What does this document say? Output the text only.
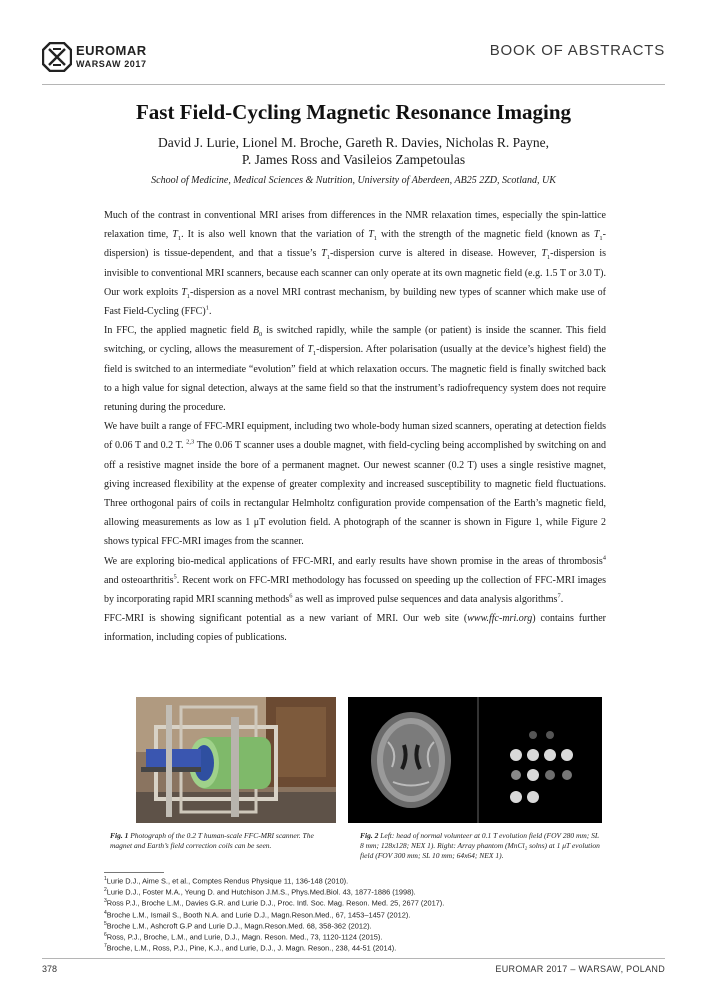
EUROMAR
WARSAW 2017
BOOK OF ABSTRACTS
Fast Field-Cycling Magnetic Resonance Imaging
David J. Lurie, Lionel M. Broche, Gareth R. Davies, Nicholas R. Payne,
P. James Ross and Vasileios Zampetoulas
School of Medicine, Medical Sciences & Nutrition, University of Aberdeen, AB25 2ZD, Scotland, UK

Much of the contrast in conventional MRI arises from differences in the NMR relaxation times, especially the spin-lattice relaxation time, $T_1$. It is also well known that the variation of $T_1$ with the strength of the magnetic field (known as $T_1-dispersion$) is tissue-dependent, and that a tissue’s $T_1$-dispersion curve is altered in disease. However, $T_1$-dispersion is invisible to conventional MRI scanners, because each scanner can only operate at its own magnetic field (e.g. 1.5 T or 3.0 T). Our work exploits $T_1$-dispersion as a novel MRI contrast mechanism, by building new types of scanner which make use of Fast Field-Cycling (FFC)$^1$.

In FFC, the applied magnetic field $B_0$ is switched rapidly, while the sample (or patient) is inside the scanner. This field switching, or cycling, allows the measurement of $T_1$-dispersion. After polarisation (usually at the device’s highest field) the field is switched to an intermediate “evolution” field at which relaxation occurs. The magnetic field is finally switched back to a high value for signal detection, always at the same field so that the instrument’s radiofrequency system does not require retuning during the procedure.

We have built a range of FFC-MRI equipment, including two whole-body human sized scanners, operating at detection fields of 0.06 T and 0.2 T. $^{2,3}$ The 0.06 T scanner uses a double magnet, with field-cycling being accomplished by switching on and off a resistive magnet inside the bore of a permanent magnet. Our newest scanner (0.2 T) uses a single resistive magnet, giving increased flexibility at the expense of greater complexity and increased susceptibility to magnetic field fluctuations. Three orthogonal pairs of coils in rectangular Helmholtz configuration provide compensation of the Earth’s magnetic field, allowing measurements as low as 1 μT evolution field. A photograph of the scanner is shown in Figure 1, while Figure 2 shows typical FFC-MRI images from the scanner.

We are exploring bio-medical applications of FFC-MRI, and early results have shown promise in the areas of thrombosis$^4$ and osteoarthritis$^5$. Recent work on FFC-MRI methodology has focussed on speeding up the collection of FFC-MRI images by incorporating rapid MRI scanning methods$^6$ as well as improved pulse sequences and data analysis algorithms$^7$.

FFC-MRI is showing significant potential as a new variant of MRI. Our web site (www.ffc-mri.org) contains further information, including copies of publications.

Fig. 1 Photograph of the 0.2 T human-scale FFC-MRI scanner. The magnet and Earth’s field correction coils can be seen.
Fig. 2 Left: head of normal volunteer at 0.1 T evolution field (FOV 280 mm; SL 8 mm; 128x128; NEX 1). Right: Array phantom (MnCl₂ solns) at 1 μT evolution field (FOV 300 mm; SL 10 mm; 64x64; NEX 1).
$^1$Lurie D.J., Aime S., et al., Comptes Rendus Physique 11, 136-148 (2010).
$^2$Lurie D.J., Foster M.A., Yeung D. and Hutchison J.M.S., Phys.Med.Biol. 43, 1877-1886 (1998).
$^3$Ross P.J., Broche L.M., Davies G.R. and Lurie D.J., Proc. Intl. Soc. Mag. Reson. Med. 25, 2677 (2017).
$^4$Broche L.M., Ismail S., Booth N.A. and Lurie D.J., Magn.Reson.Med., 67, 1453–1457 (2012).
$^5$Broche L.M., Ashcroft G.P and Lurie D.J., Magn.Reson.Med. 68, 358-362 (2012).
$^6$Ross, P.J., Broche, L.M., and Lurie, D.J., Magn. Reson. Med., 73, 1120-1124 (2015).
$^7$Broche, L.M., Ross, P.J., Pine, K.J., and Lurie, D.J., J. Magn. Reson., 238, 44-51 (2014).
378	EUROMAR 2017 – WARSAW, POLAND
